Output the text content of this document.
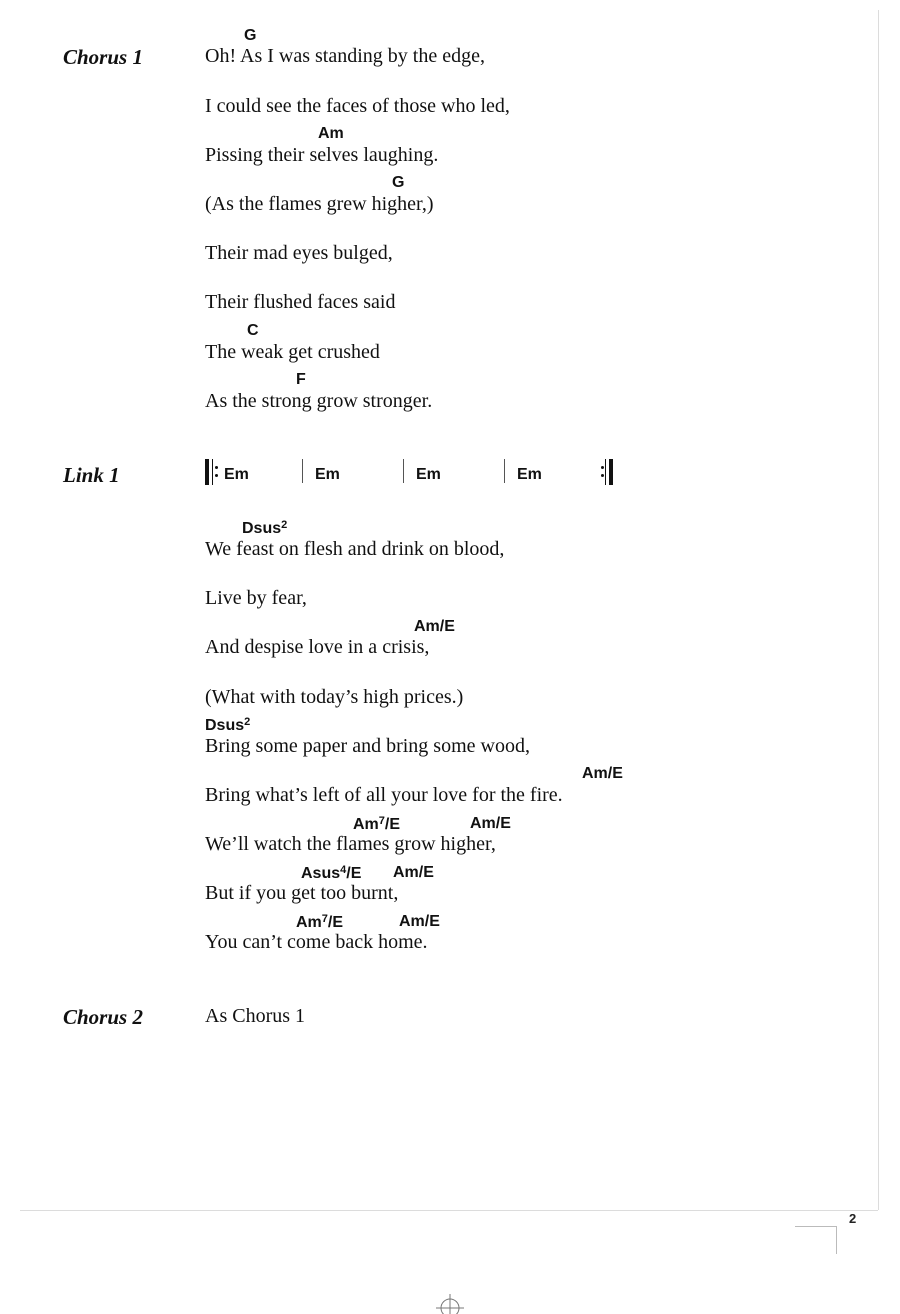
2
Chorus 1
Link 1
Chorus 2
G
Oh! As I was standing by the edge,
I could see the faces of those who led,
Am
Pissing their selves laughing.
G
(As the flames grew higher,)
Their mad eyes bulged,
Their flushed faces said
C
The weak get crushed
F
As the strong grow stronger.
Em	Em	Em	Em
Dsus$^2$
We feast on flesh and drink on blood,
Live by fear,
Am/E
And despise love in a crisis,
(What with today’s high prices.)
Dsus$^2$
Bring some paper and bring some wood,
Am/E
Bring what’s left of all your love for the fire.
Am$^7$/E	Am/E
We’ll watch the flames grow higher,
Asus$^4$/E Am/E
But if you get too burnt,
Am$^7$/E	Am/E
You can’t come back home.
As Chorus 1
